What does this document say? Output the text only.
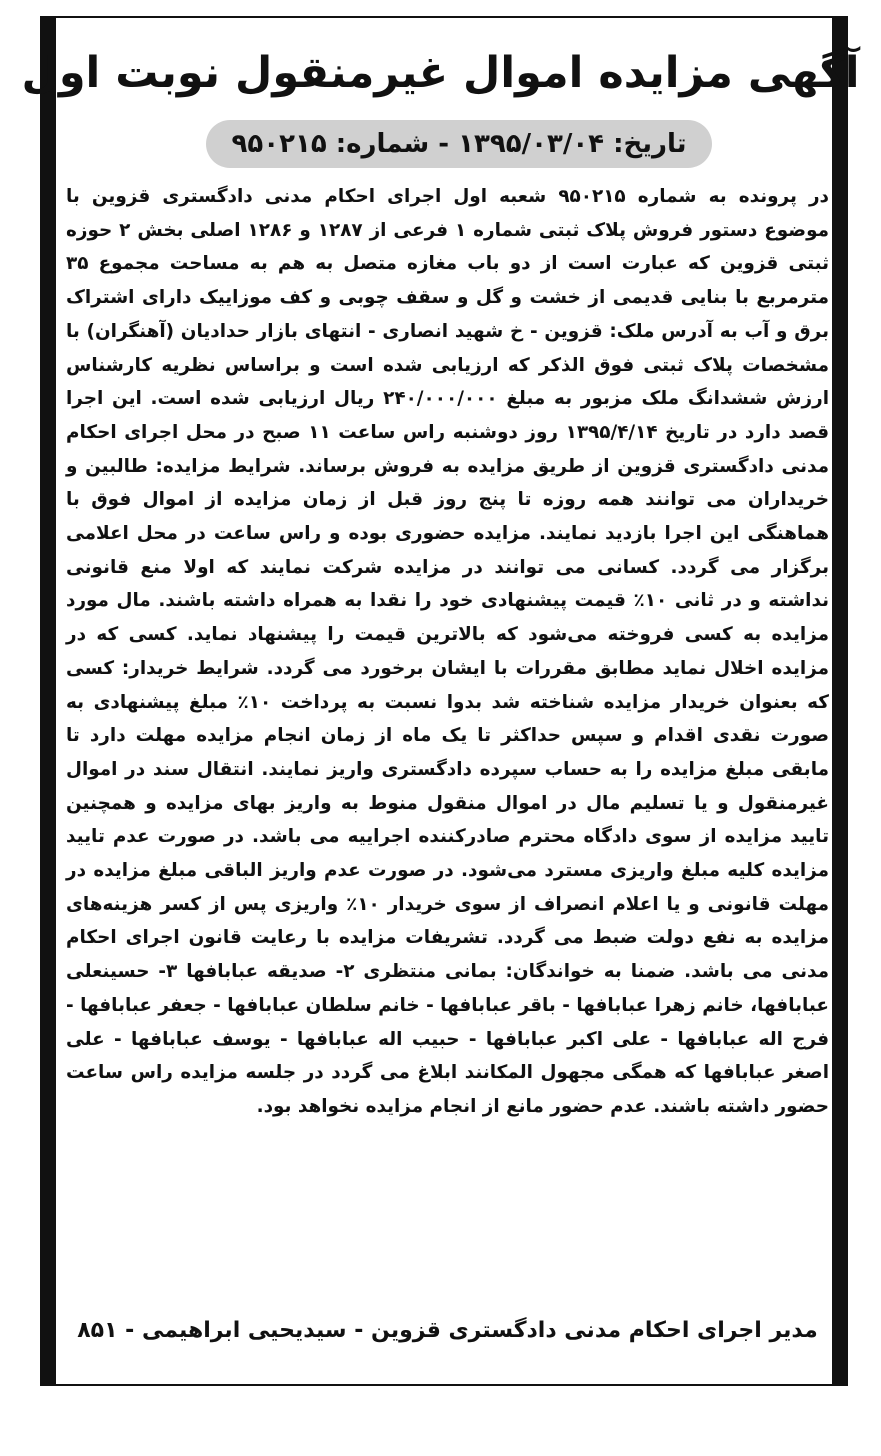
آگهی مزایده اموال غیرمنقول نوبت اول
تاریخ: ۱۳۹۵/۰۳/۰۴ - شماره: ۹۵۰۲۱۵

در پرونده به شماره ۹۵۰۲۱۵ شعبه اول اجرای احکام مدنی دادگستری قزوین با موضوع دستور فروش پلاک ثبتی شماره ۱ فرعی از ۱۲۸۷ و ۱۲۸۶ اصلی بخش ۲ حوزه ثبتی قزوین که عبارت است از دو باب مغازه متصل به هم به مساحت مجموع ۳۵ مترمربع با بنایی قدیمی از خشت و گل و سقف چوبی و کف موزاییک دارای اشتراک برق و آب به آدرس ملک: قزوین - خ شهید انصاری - انتهای بازار حدادیان (آهنگران) با مشخصات پلاک ثبتی فوق الذکر که ارزیابی شده است و براساس نظریه کارشناس ارزش ششدانگ ملک مزبور به مبلغ ۲۴۰/۰۰۰/۰۰۰ ریال ارزیابی شده است. این اجرا قصد دارد در تاریخ ۱۳۹۵/۴/۱۴ روز دوشنبه راس ساعت ۱۱ صبح در محل اجرای احکام مدنی دادگستری قزوین از طریق مزایده به فروش برساند. شرایط مزایده: طالبین و خریداران می توانند همه روزه تا پنج روز قبل از زمان مزایده از اموال فوق با هماهنگی این اجرا بازدید نمایند. مزایده حضوری بوده و راس ساعت در محل اعلامی برگزار می گردد. کسانی می توانند در مزایده شرکت نمایند که اولا منع قانونی نداشته و در ثانی ۱۰٪ قیمت پیشنهادی خود را نقدا به همراه داشته باشند. مال مورد مزایده به کسی فروخته می‌شود که بالاترین قیمت را پیشنهاد نماید. کسی که در مزایده اخلال نماید مطابق مقررات با ایشان برخورد می گردد. شرایط خریدار: کسی که بعنوان خریدار مزایده شناخته شد بدوا نسبت به پرداخت ۱۰٪ مبلغ پیشنهادی به صورت نقدی اقدام و سپس حداکثر تا یک ماه از زمان انجام مزایده مهلت دارد تا مابقی مبلغ مزایده را به حساب سپرده دادگستری واریز نمایند. انتقال سند در اموال غیرمنقول و یا تسلیم مال در اموال منقول منوط به واریز بهای مزایده و همچنین تایید مزایده از سوی دادگاه محترم صادرکننده اجراییه می باشد. در صورت عدم تایید مزایده کلیه مبلغ واریزی مسترد می‌شود. در صورت عدم واریز الباقی مبلغ مزایده در مهلت قانونی و یا اعلام انصراف از سوی خریدار ۱۰٪ واریزی پس از کسر هزینه‌های مزایده به نفع دولت ضبط می گردد. تشریفات مزایده با رعایت قانون اجرای احکام مدنی می باشد. ضمنا به خواندگان: بمانی منتظری ۲- صدیقه عبابافها ۳- حسینعلی عبابافها، خانم زهرا عبابافها - باقر عبابافها - خانم سلطان عبابافها - جعفر عبابافها - فرج اله عبابافها - علی اکبر عبابافها - حبیب اله عبابافها - یوسف عبابافها - علی اصغر عبابافها که همگی مجهول المکانند ابلاغ می گردد در جلسه مزایده راس ساعت حضور داشته باشند. عدم حضور مانع از انجام مزایده نخواهد بود.

مدیر اجرای احکام مدنی دادگستری قزوین - سیدیحیی ابراهیمی - ۸۵۱
